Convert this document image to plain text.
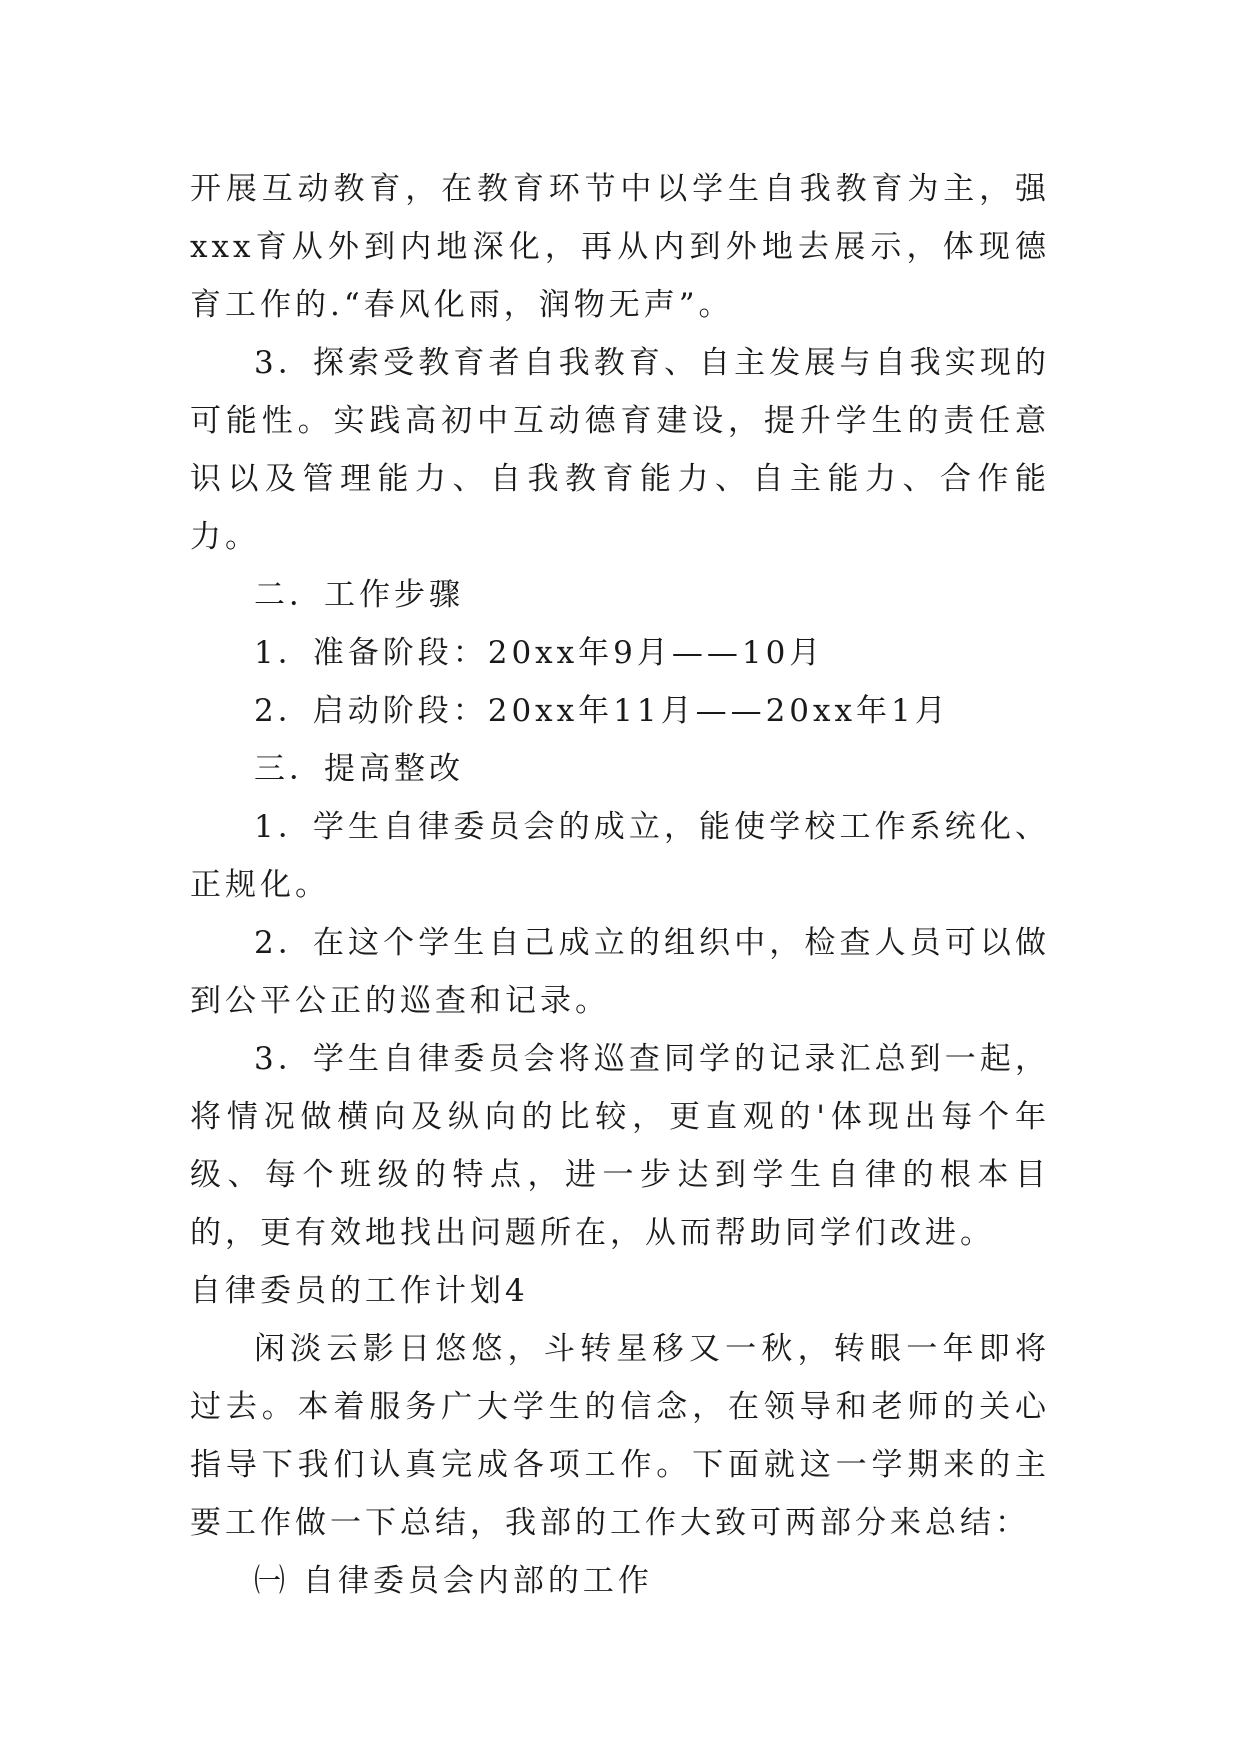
开展互动教育，在教育环节中以学生自我教育为主，强xxx育从外到内地深化，再从内到外地去展示，体现德育工作的.“春风化雨，润物无声”。

3．探索受教育者自我教育、自主发展与自我实现的可能性。实践高初中互动德育建设，提升学生的责任意识以及管理能力、自我教育能力、自主能力、合作能力。

二．工作步骤

1．准备阶段：20xx年9月——10月

2．启动阶段：20xx年11月——20xx年1月

三．提高整改

1．学生自律委员会的成立，能使学校工作系统化、正规化。

2．在这个学生自己成立的组织中，检查人员可以做到公平公正的巡查和记录。

3．学生自律委员会将巡查同学的记录汇总到一起，将情况做横向及纵向的比较，更直观的'体现出每个年级、每个班级的特点，进一步达到学生自律的根本目的，更有效地找出问题所在，从而帮助同学们改进。

自律委员的工作计划4

闲淡云影日悠悠，斗转星移又一秋，转眼一年即将过去。本着服务广大学生的信念，在领导和老师的关心指导下我们认真完成各项工作。下面就这一学期来的主要工作做一下总结，我部的工作大致可两部分来总结：

㈠ 自律委员会内部的工作
